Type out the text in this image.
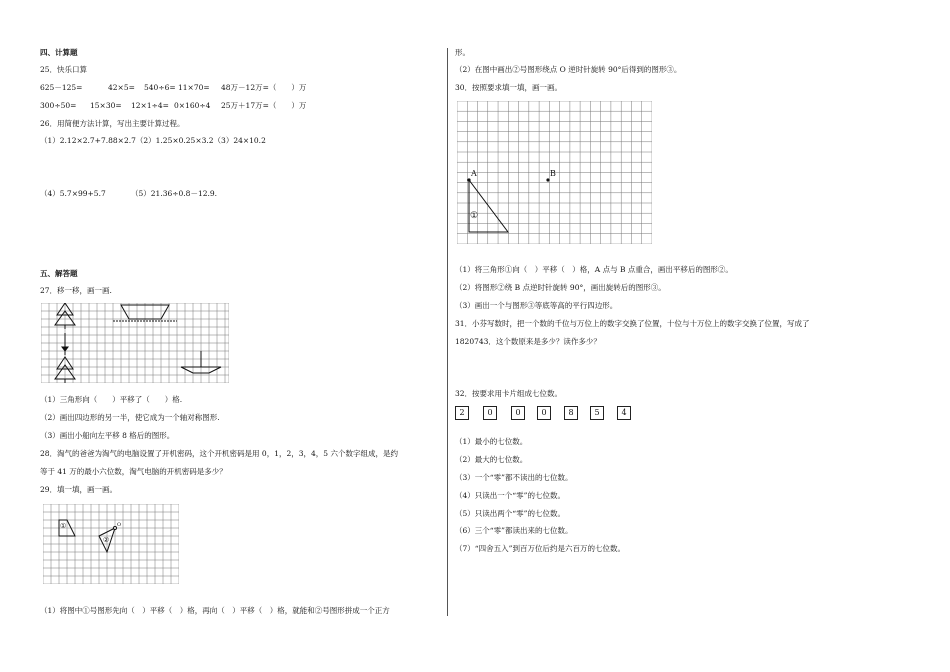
四、计算题
25．快乐口算
625－125=	42×5= 540÷6= 11×70= 48万－12万=（　　）万
300÷50= 15×30= 12×1÷4= 0×160÷4 25万＋17万=（　　）万
26．用简便方法计算，写出主要计算过程。
（1）2.12×2.7+7.88×2.7（2）1.25×0.25×3.2（3）24×10.2
（4）5.7×99+5.7	（5）21.36÷0.8－12.9.
五、解答题
27．移一移，画一画.
（1）三角形向（　　）平移了（　　）格.
（2）画出四边形的另一半，使它成为一个轴对称图形.
（3）画出小船向左平移 8 格后的图形。
28．淘气的爸爸为淘气的电脑设置了开机密码，这个开机密码是用 0，1，2，3，4，5 六个数字组成，是约
等于 41 万的最小六位数，淘气电脑的开机密码是多少？
29．填一填，画一画。
①
②
O
（1）将图中①号图形先向（　）平移（　）格，再向（　）平移（　）格，就能和②号图形拼成一个正方
形。
（2）在图中画出②号图形绕点 O 逆时针旋转 90°后得到的图形③。
30．按照要求填一填，画一画。
A	B
①
（1）将三角形①向（　）平移（　）格，A 点与 B 点重合，画出平移后的图形②。
（2）将图形②绕 B 点逆时针旋转 90°，画出旋转后的图形③。
（3）画出一个与图形③等底等高的平行四边形。
31．小芬写数时，把一个数的千位与万位上的数字交换了位置，十位与十万位上的数字交换了位置，写成了
1820743．这个数原来是多少？读作多少？
32．按要求用卡片组成七位数。
2	0	0	0	8	5	4
（1）最小的七位数。
（2）最大的七位数。
（3）一个“零”都不读出的七位数。
（4）只读出一个“零”的七位数。
（5）只读出两个“零”的七位数。
（6）三个“零”都读出来的七位数。
（7）“四舍五入”到百万位后约是六百万的七位数。
